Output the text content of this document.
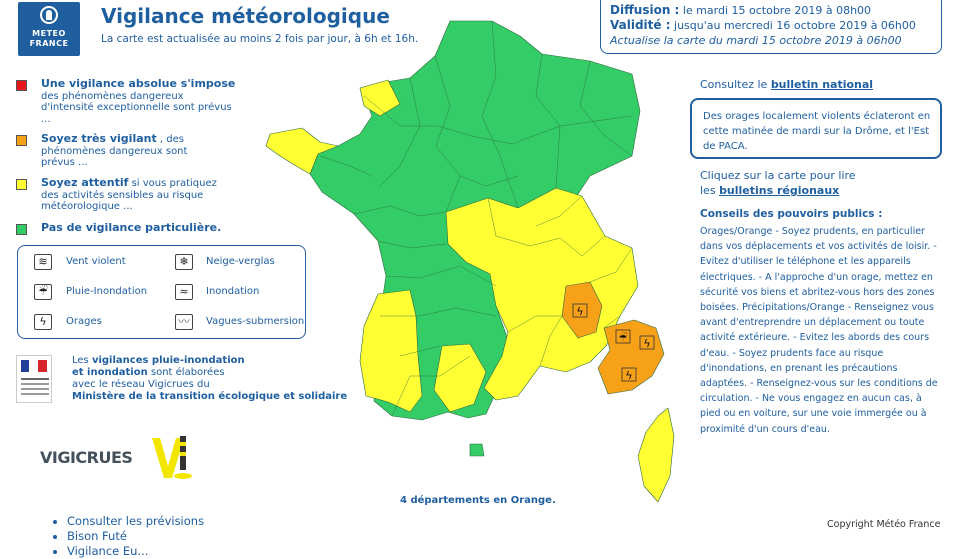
METEO
FRANCE
Vigilance météorologique
La carte est actualisée au moins 2 fois par jour, à 6h et 16h.
Diffusion : le mardi 15 octobre 2019 à 08h00
Validité : jusqu'au mercredi 16 octobre 2019 à 06h00
Actualise la carte du mardi 15 octobre 2019 à 06h00
Une vigilance absolue s'impose
des phénomènes dangereux d'intensité exceptionnelle sont prévus ...
Soyez très vigilant , des phénomènes dangereux sont prévus ...
Soyez attentif si vous pratiquez des activités sensibles au risque météorologique ...
Pas de vigilance particulière.
≋	Vent violent	❄	Neige-verglas
☔	Pluie-Inondation	≈	Inondation
ϟ	Orages	〰	Vagues-submersion
Les vigilances pluie-inondation
et inondation sont élaborées
avec le réseau Vigicrues du
Ministère de la transition écologique et solidaire
VIGICRUES
ϟ
☔ ϟ
ϟ
4 départements en Orange.
Consultez le bulletin national
Des orages localement violents éclateront en cette matinée de mardi sur la Drôme, et l'Est de PACA.
Cliquez sur la carte pour lire
les bulletins régionaux
Conseils des pouvoirs publics :
Orages/Orange - Soyez prudents, en particulier dans vos déplacements et vos activités de loisir. - Evitez d'utiliser le téléphone et les appareils électriques. - A l'approche d'un orage, mettez en sécurité vos biens et abritez-vous hors des zones boisées. Précipitations/Orange - Renseignez vous avant d'entreprendre un déplacement ou toute activité extérieure. - Evitez les abords des cours d'eau. - Soyez prudents face au risque d'inondations, en prenant les précautions adaptées. - Renseignez-vous sur les conditions de circulation. - Ne vous engagez en aucun cas, à pied ou en voiture, sur une voie immergée ou à proximité d'un cours d'eau.
• Consulter les prévisions
• Bison Futé
• Vigilance Eu...
Copyright Météo France
